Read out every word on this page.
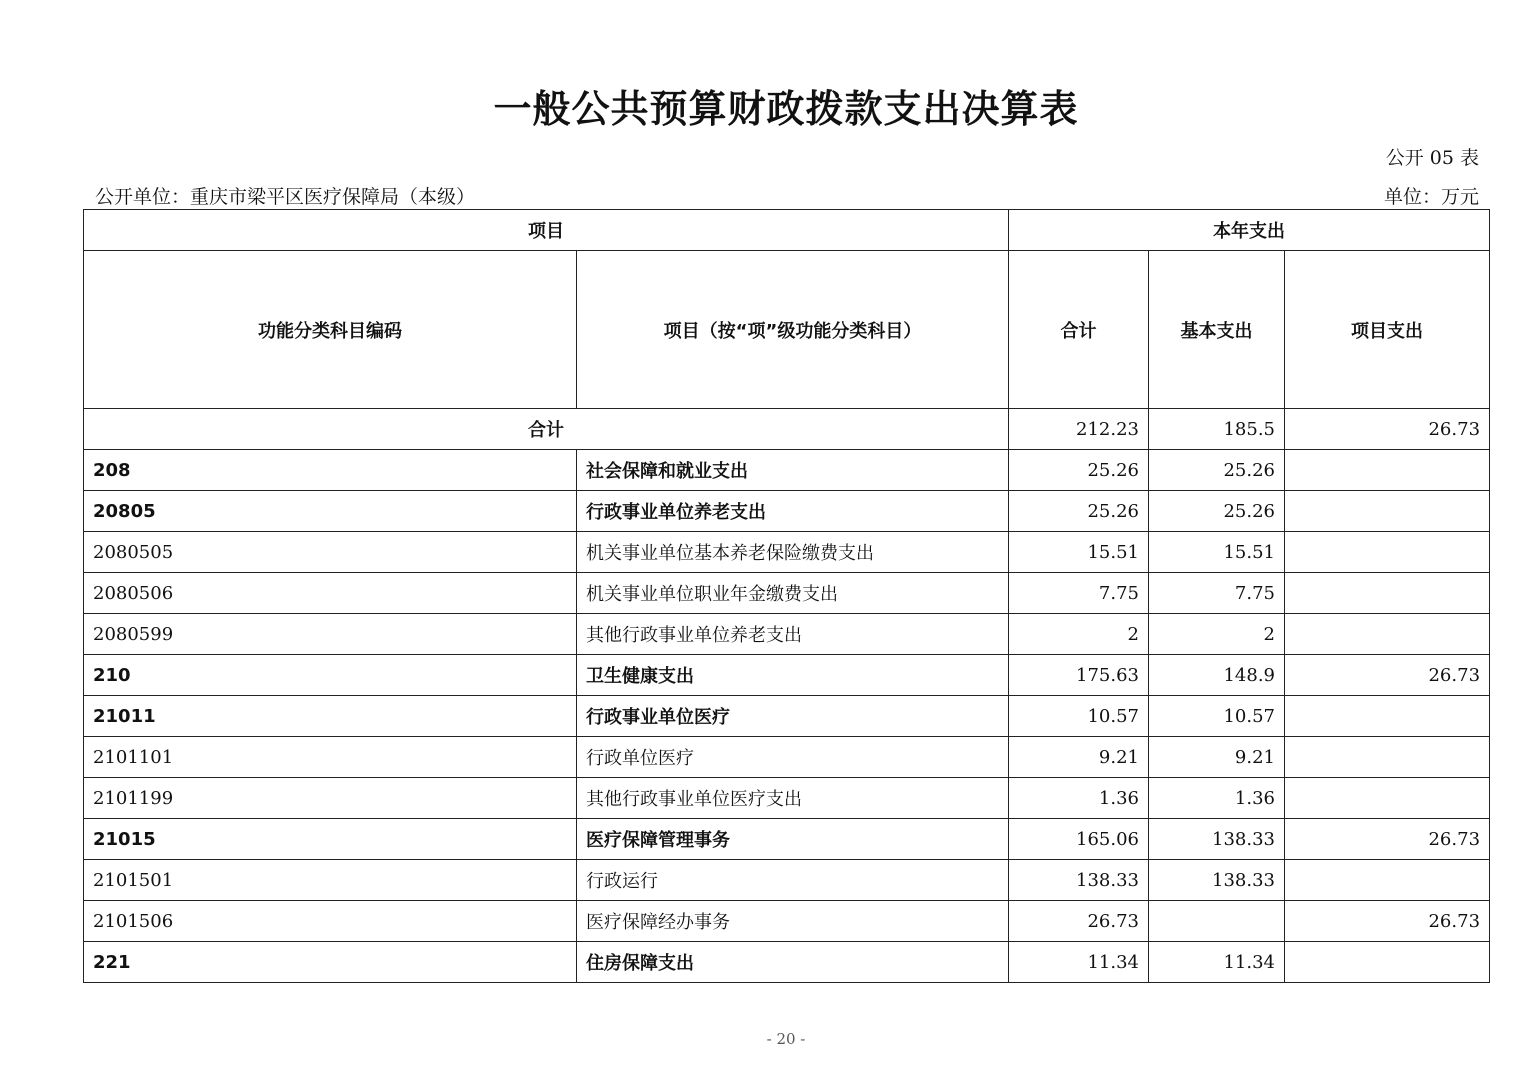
一般公共预算财政拨款支出决算表
公开 05 表
公开单位：重庆市梁平区医疗保障局（本级）	单位：万元
项目		本年支出		
功能分类科目编码	项目（按“项”级功能分类科目）	合计	基本支出	项目支出
合计		212.23	185.5	26.73
208	社会保障和就业支出	25.26	25.26	
20805	行政事业单位养老支出	25.26	25.26	
2080505	机关事业单位基本养老保险缴费支出	15.51	15.51	
2080506	机关事业单位职业年金缴费支出	7.75	7.75	
2080599	其他行政事业单位养老支出	2	2	
210	卫生健康支出	175.63	148.9	26.73
21011	行政事业单位医疗	10.57	10.57	
2101101	行政单位医疗	9.21	9.21	
2101199	其他行政事业单位医疗支出	1.36	1.36	
21015	医疗保障管理事务	165.06	138.33	26.73
2101501	行政运行	138.33	138.33	
2101506	医疗保障经办事务	26.73		26.73
221	住房保障支出	11.34	11.34	
- 20 -
